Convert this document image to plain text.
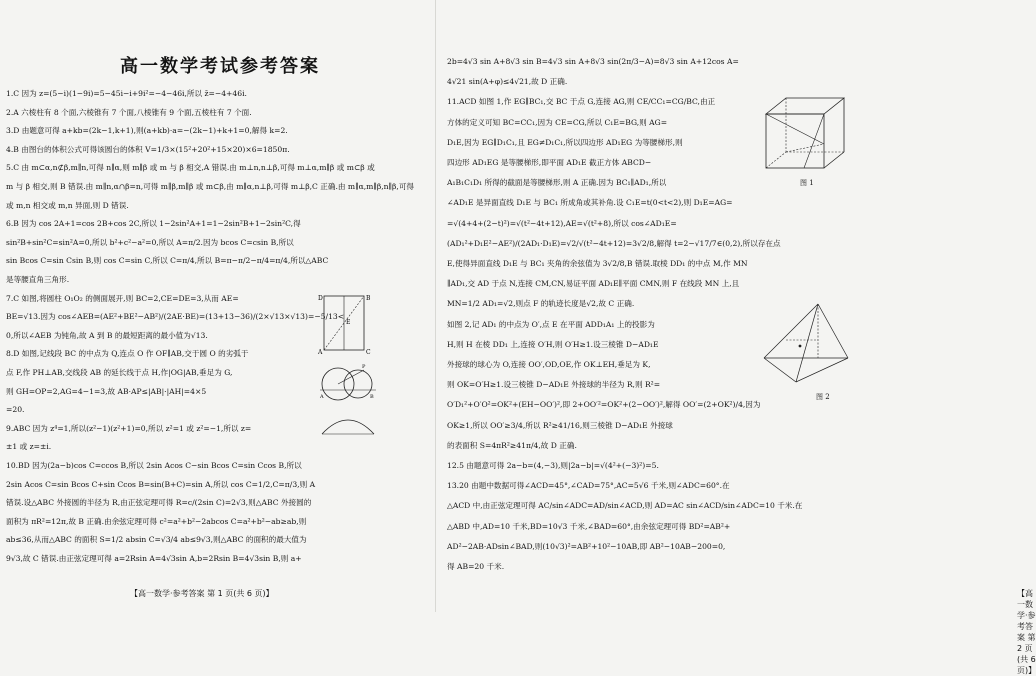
高一数学考试参考答案
1.C 因为 z=(5−i)(1−9i)=5−45i−i+9i²=−4−46i,所以 z̄=−4+46i.
2.A 六棱柱有 8 个面,六棱锥有 7 个面,八棱锥有 9 个面,五棱柱有 7 个面.
3.D 由题意可得 a+kb=(2k−1,k+1),则(a+kb)·a=−(2k−1)+k+1=0,解得 k=2.
4.B 由图台的体积公式可得该圆台的体积 V=1/3×(15²+20²+15×20)×6=1850π.
5.C 由 m⊂α,n⊄β,m∥n,可得 n∥α,则 m∥β 或 m 与 β 相交,A 错误.由 m⊥n,n⊥β,可得 m⊥α,m∥β 或 m⊂β 或
m 与 β 相交,则 B 错误.由 m∥n,α∩β=n,可得 m∥β,m∥β 或 m⊂β,由 m∥α,n⊥β,可得 m⊥β,C 正确.由 m∥α,m∥β,n∥β,可得
或 m,n 相交或 m,n 异面,则 D 错误.
6.B 因为 cos 2A+1=cos 2B+cos 2C,所以 1−2sin²A+1=1−2sin²B+1−2sin²C,得
sin²B+sin²C=sin²A=0,所以 b²+c²−a²=0,所以 A=π/2.因为 bcos C=csin B,所以
sin Bcos C=sin Csin B,则 cos C=sin C,所以 C=π/4,所以 B=π−π/2−π/4=π/4,所以△ABC
是等腰直角三角形.
7.C 如图,将圆柱 O₁O₂ 的侧面展开,则 BC=2,CE=DE=3,从而 AE=
BE=√13.因为 cos∠AEB=(AE²+BE²−AB²)/(2AE·BE)=(13+13−36)/(2×√13×√13)=−5/13<
0,所以∠AEB 为钝角,故 A 到 B 的最短距离的最小值为√13.
8.D 如图,记线段 BC 的中点为 Q,连点 O 作 OF∥AB,交于圆 O 的劣弧于
点 F,作 PH⊥AB,交线段 AB 的延长线于点 H,作|OG|AB,垂足为 G,
则 GH=OP=2,AG=4−1=3,故 AB·AP≤|AB|·|AH|=4×5
=20.
9.ABC 因为 z⁴=1,所以(z²−1)(z²+1)=0,所以 z²=1 或 z²=−1,所以 z=
±1 或 z=±i.
10.BD 因为(2a−b)cos C=ccos B,所以 2sin Acos C−sin Bcos C=sin Ccos B,所以
2sin Acos C=sin Bcos C+sin Ccos B=sin(B+C)=sin A,所以 cos C=1/2,C=π/3,则 A
错误.设△ABC 外接圆的半径为 R,由正弦定理可得 R=c/(2sin C)=2√3,则△ABC 外接圆的
面积为 πR²=12π,故 B 正确.由余弦定理可得 c²=a²+b²−2abcos C=a²+b²−ab≥ab,则
ab≤36,从而△ABC 的面积 S=1/2 absin C=√3/4 ab≤9√3,则△ABC 的面积的最大值为
9√3,故 C 错误.由正弦定理可得 a=2Rsin A=4√3sin A,b=2Rsin B=4√3sin B,则 a+
E
A
B
C
D
A	B
P
【高一数学·参考答案 第 1 页(共 6 页)】
2b=4√3 sin A+8√3 sin B=4√3 sin A+8√3 sin(2π/3−A)=8√3 sin A+12cos A=
4√21 sin(A+φ)≤4√21,故 D 正确.
11.ACD 如图 1,作 EG∥BC₁,交 BC 于点 G,连接 AG,则 CE/CC₁=CG/BC,由正
方体的定义可知 BC=CC₁,因为 CE=CG,所以 C₁E=BG,则 AG=
D₁E,因为 EG∥D₁C₁,且 EG≠D₁C₁,所以四边形 AD₁EG 为等腰梯形,则
四边形 AD₁EG 是等腰梯形,即平面 AD₁E 截正方体 ABCD−
A₁B₁C₁D₁ 所得的截面是等腰梯形,则 A 正确.因为 BC₁∥AD₁,所以
∠AD₁E 是异面直线 D₁E 与 BC₁ 所成角或其补角.设 C₁E=t(0<t<2),则 D₁E=AG=
=√(4+4+(2−t)²)=√(t²−4t+12),AE=√(t²+8),所以 cos∠AD₁E=
(AD₁²+D₁E²−AE²)/(2AD₁·D₁E)=√2/√(t²−4t+12)=3√2/8,解得 t=2−√17/7∈(0,2),所以存在点
E,使得异面直线 D₁E 与 BC₁ 夹角的余弦值为 3√2/8,B 错误.取棱 DD₁ 的中点 M,作 MN
∥AD₁,交 AD 于点 N,连接 CM,CN,易证平面 AD₁E∥平面 CMN,则 F 在线段 MN 上,且
MN=1/2 AD₁=√2,则点 F 的轨迹长度是√2,故 C 正确.
如图 2,记 AD₁ 的中点为 O′,点 E 在平面 ADD₁A₁ 上的投影为
H,则 H 在棱 DD₁ 上,连接 O′H,则 O′H≥1.设三棱锥 D−AD₁E
外接球的球心为 O,连接 OO′,OD,OE,作 OK⊥EH,垂足为 K,
则 OK=O′H≥1.设三棱锥 D−AD₁E 外接球的半径为 R,则 R²=
O′D₁²+O′O²=OK²+(EH−OO′)²,即 2+OO′²=OK²+(2−OO′)²,解得 OO′=(2+OK²)/4,因为
OK≥1,所以 OO′≥3/4,所以 R²≥41/16,则三棱锥 D−AD₁E 外接球
的表面积 S=4πR²≥41π/4,故 D 正确.
12.5 由题意可得 2a−b=(4,−3),则|2a−b|=√(4²+(−3)²)=5.
13.20 由题中数据可得∠ACD=45°,∠CAD=75°,AC=5√6 千米,则∠ADC=60°.在
△ACD 中,由正弦定理可得 AC/sin∠ADC=AD/sin∠ACD,则 AD=AC sin∠ACD/sin∠ADC=10 千米.在
△ABD 中,AD=10 千米,BD=10√3 千米,∠BAD=60°,由余弦定理可得 BD²=AB²+
AD²−2AB·ADsin∠BAD,则(10√3)²=AB²+10²−10AB,即 AB²−10AB−200=0,
得 AB=20 千米.
图 1
图 2
【高一数学·参考答案 第 2 页(共 6 页)】
